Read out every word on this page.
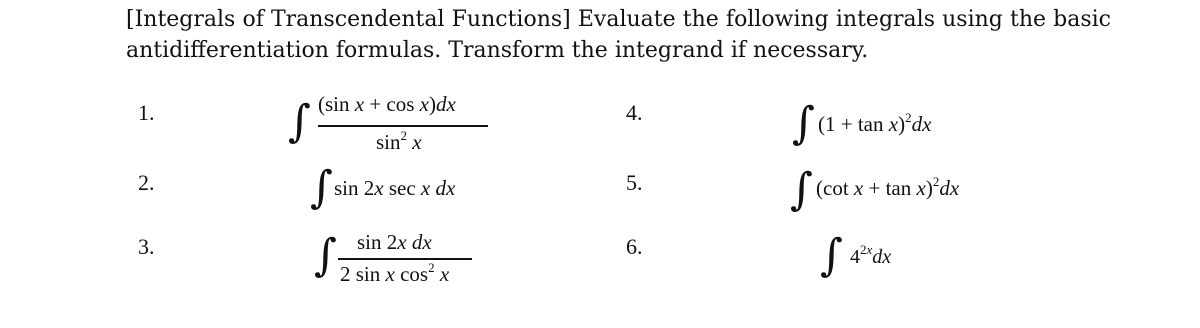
[Integrals of Transcendental Functions] Evaluate the following integrals using the basic antidifferentiation formulas. Transform the integrand if necessary.
1.
2.
3.
4.
5.
6.
∫ (sin x + cos x)dx
$\sin^2 x$
∫ sin 2x sec x dx
∫ sin 2x dx
2 sin x $\cos^2 x$
∫ $(1 + \tan x)^2dx$
∫ (cot x + tan x)$^2$dx
∫ $4^{2x}dx$
